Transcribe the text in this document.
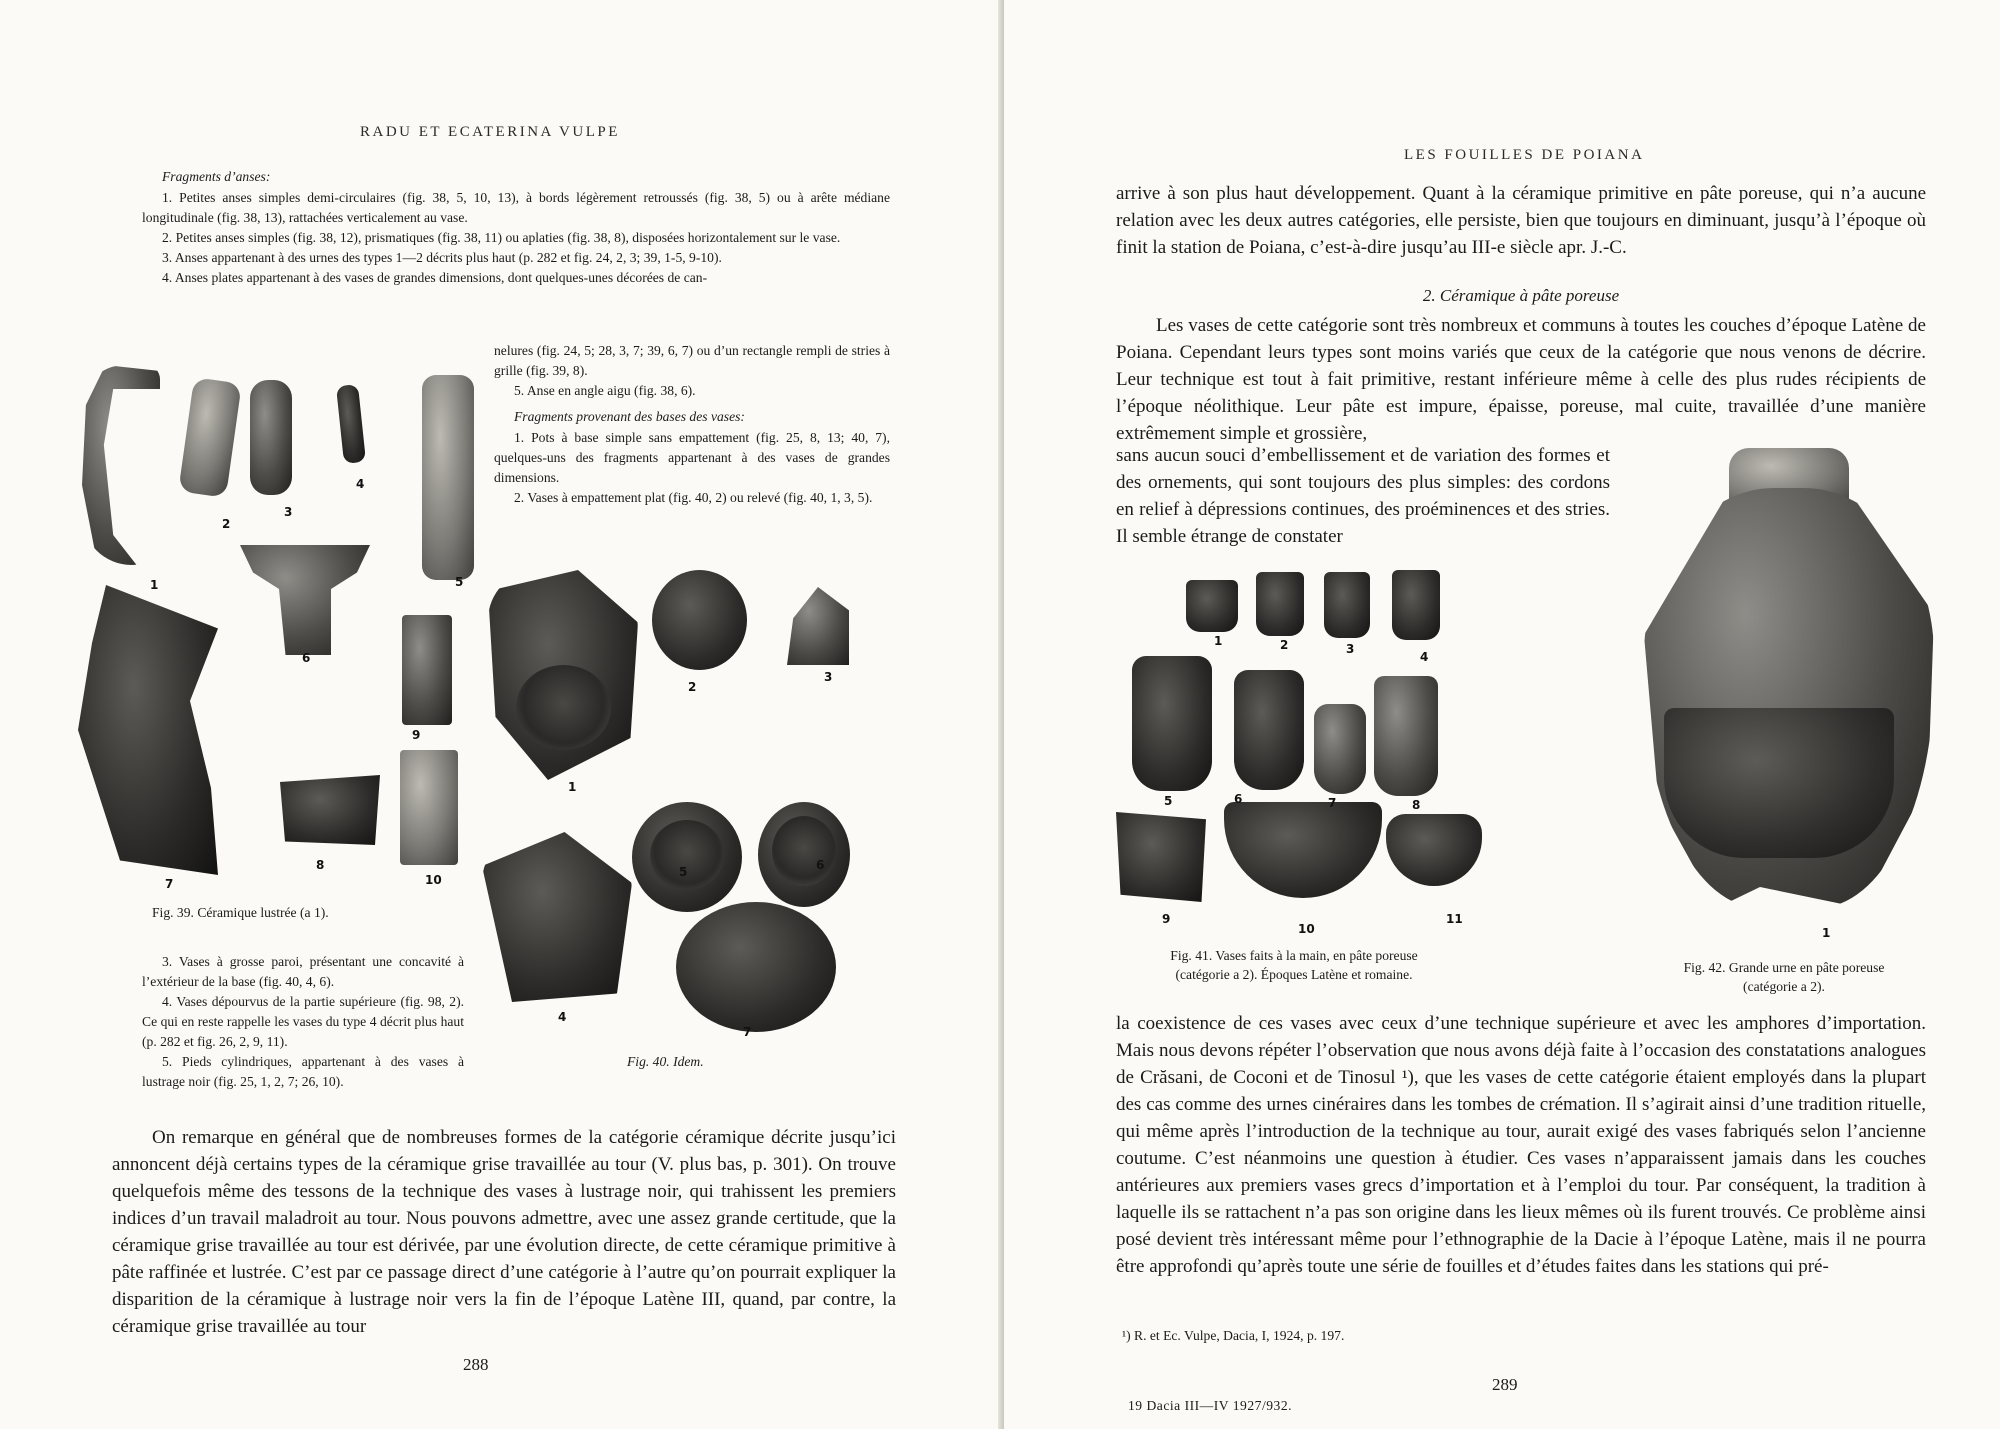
RADU ET ECATERINA VULPE
Fragments d’anses:

1. Petites anses simples demi-circulaires (fig. 38, 5, 10, 13), à bords légèrement retroussés (fig. 38, 5) ou à arête médiane longitudinale (fig. 38, 13), rattachées verticalement au vase.

2. Petites anses simples (fig. 38, 12), prismatiques (fig. 38, 11) ou aplaties (fig. 38, 8), disposées horizontalement sur le vase.

3. Anses appartenant à des urnes des types 1—2 décrits plus haut (p. 282 et fig. 24, 2, 3; 39, 1-5, 9-10).

4. Anses plates appartenant à des vases de grandes dimensions, dont quelques-unes décorées de can-

nelures (fig. 24, 5; 28, 3, 7; 39, 6, 7) ou d’un rectangle rempli de stries à grille (fig. 39, 8).

5. Anse en angle aigu (fig. 38, 6).

Fragments provenant des bases des vases:

1. Pots à base simple sans empattement (fig. 25, 8, 13; 40, 7), quelques-uns des fragments appartenant à des vases de grandes dimensions.

2. Vases à empattement plat (fig. 40, 2) ou relevé (fig. 40, 1, 3, 5).

1
2
3
4
5
6
7
8
9
10
Fig. 39. Céramique lustrée (a 1).
1
2
3
4
5	6
7
Fig. 40. Idem.

3. Vases à grosse paroi, présentant une concavité à l’extérieur de la base (fig. 40, 4, 6).

4. Vases dépourvus de la partie supérieure (fig. 98, 2). Ce qui en reste rappelle les vases du type 4 décrit plus haut (p. 282 et fig. 26, 2, 9, 11).

5. Pieds cylindriques, appartenant à des vases à lustrage noir (fig. 25, 1, 2, 7; 26, 10).

On remarque en général que de nombreuses formes de la catégorie céramique décrite jusqu’ici annoncent déjà certains types de la céramique grise travaillée au tour (V. plus bas, p. 301). On trouve quelquefois même des tessons de la technique des vases à lustrage noir, qui trahissent les premiers indices d’un travail maladroit au tour. Nous pouvons admettre, avec une assez grande certitude, que la céramique grise travaillée au tour est dérivée, par une évolution directe, de cette céramique primitive à pâte raffinée et lustrée. C’est par ce passage direct d’une catégorie à l’autre qu’on pourrait expliquer la disparition de la céramique à lustrage noir vers la fin de l’époque Latène III, quand, par contre, la céramique grise travaillée au tour

288
LES FOUILLES DE POIANA

arrive à son plus haut développement. Quant à la céramique primitive en pâte poreuse, qui n’a aucune relation avec les deux autres catégories, elle persiste, bien que toujours en diminuant, jusqu’à l’époque où finit la station de Poiana, c’est-à-dire jusqu’au III-e siècle apr. J.-C.

2. Céramique à pâte poreuse

Les vases de cette catégorie sont très nombreux et communs à toutes les couches d’époque Latène de Poiana. Cependant leurs types sont moins variés que ceux de la catégorie que nous venons de décrire. Leur technique est tout à fait primitive, restant inférieure même à celle des plus rudes récipients de l’époque néolithique. Leur pâte est impure, épaisse, poreuse, mal cuite, travaillée d’une manière extrêmement simple et grossière,

sans aucun souci d’embellissement et de variation des formes et des ornements, qui sont toujours des plus simples: des cordons en relief à dépressions continues, des proéminences et des stries. Il semble étrange de constater

1	2	3
4
5	6	7	8
9
10
11
Fig. 41. Vases faits à la main, en pâte poreuse
(catégorie a 2). Époques Latène et romaine.
1
Fig. 42. Grande urne en pâte poreuse
(catégorie a 2).

la coexistence de ces vases avec ceux d’une technique supérieure et avec les amphores d’importation. Mais nous devons répéter l’observation que nous avons déjà faite à l’occasion des constatations analogues de Crăsani, de Coconi et de Tinosul ¹), que les vases de cette catégorie étaient employés dans la plupart des cas comme des urnes cinéraires dans les tombes de crémation. Il s’agirait ainsi d’une tradition rituelle, qui même après l’introduction de la technique au tour, aurait exigé des vases fabriqués selon l’ancienne coutume. C’est néanmoins une question à étudier. Ces vases n’apparaissent jamais dans les couches antérieures aux premiers vases grecs d’importation et à l’emploi du tour. Par conséquent, la tradition à laquelle ils se rattachent n’a pas son origine dans les lieux mêmes où ils furent trouvés. Ce problème ainsi posé devient très intéressant même pour l’ethnographie de la Dacie à l’époque Latène, mais il ne pourra être approfondi qu’après toute une série de fouilles et d’études faites dans les stations qui pré-

¹) R. et Ec. Vulpe, Dacia, I, 1924, p. 197.
289
19 Dacia III—IV 1927/932.
